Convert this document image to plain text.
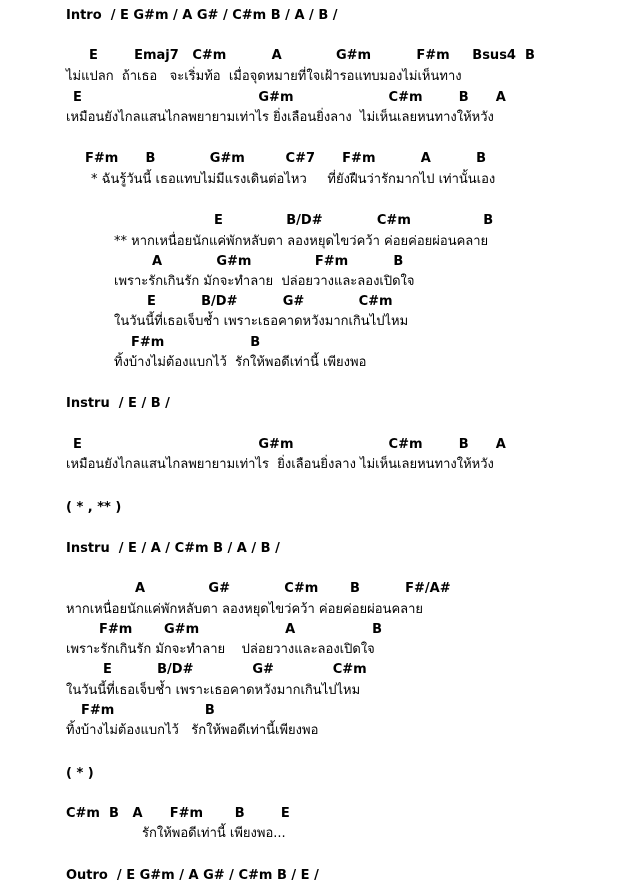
Intro  / E G#m / A G# / C#m B / A / B /
E        Emaj7   C#m          A            G#m          F#m     Bsus4  B
ไม่แปลก  ถ้าเธอ   จะเริ่มท้อ  เมื่อจุดหมายที่ใจเฝ้ารอแทบมองไม่เห็นทาง
E                                       G#m                     C#m        B      A
เหมือนยังไกลแสนไกลพยายามเท่าไร ยิ่งเลือนยิ่งลาง  ไม่เห็นเลยหนทางให้หวัง
F#m      B            G#m         C#7      F#m          A          B
* ฉันรู้วันนี้ เธอแทบไม่มีแรงเดินต่อไหว     ที่ยังฝืนว่ารักมากไป เท่านั้นเอง
E              B/D#            C#m                B
** หากเหนื่อยนักแค่พักหลับตา ลองหยุดไขว่คว้า ค่อยค่อยผ่อนคลาย
A            G#m              F#m          B
เพราะรักเกินรัก มักจะทำลาย  ปล่อยวางและลองเปิดใจ
E          B/D#          G#            C#m
ในวันนี้ที่เธอเจ็บช้ำ เพราะเธอคาดหวังมากเกินไปไหม
F#m                   B
ทิ้งบ้างไม่ต้องแบกไว้  รักให้พอดีเท่านี้ เพียงพอ
Instru  / E / B /
E                                       G#m                     C#m        B      A
เหมือนยังไกลแสนไกลพยายามเท่าไร  ยิ่งเลือนยิ่งลาง ไม่เห็นเลยหนทางให้หวัง
( * , ** )
Instru  / E / A / C#m B / A / B /
A              G#            C#m       B          F#/A#
หากเหนื่อยนักแค่พักหลับตา ลองหยุดไขว่คว้า ค่อยค่อยผ่อนคลาย
F#m       G#m                   A                 B
เพราะรักเกินรัก มักจะทำลาย    ปล่อยวางและลองเปิดใจ
E          B/D#             G#             C#m
ในวันนี้ที่เธอเจ็บช้ำ เพราะเธอคาดหวังมากเกินไปไหม
F#m                    B
ทิ้งบ้างไม่ต้องแบกไว้   รักให้พอดีเท่านี้เพียงพอ
( * )
C#m  B   A      F#m       B        E
รักให้พอดีเท่านี้ เพียงพอ...
Outro  / E G#m / A G# / C#m B / E /
